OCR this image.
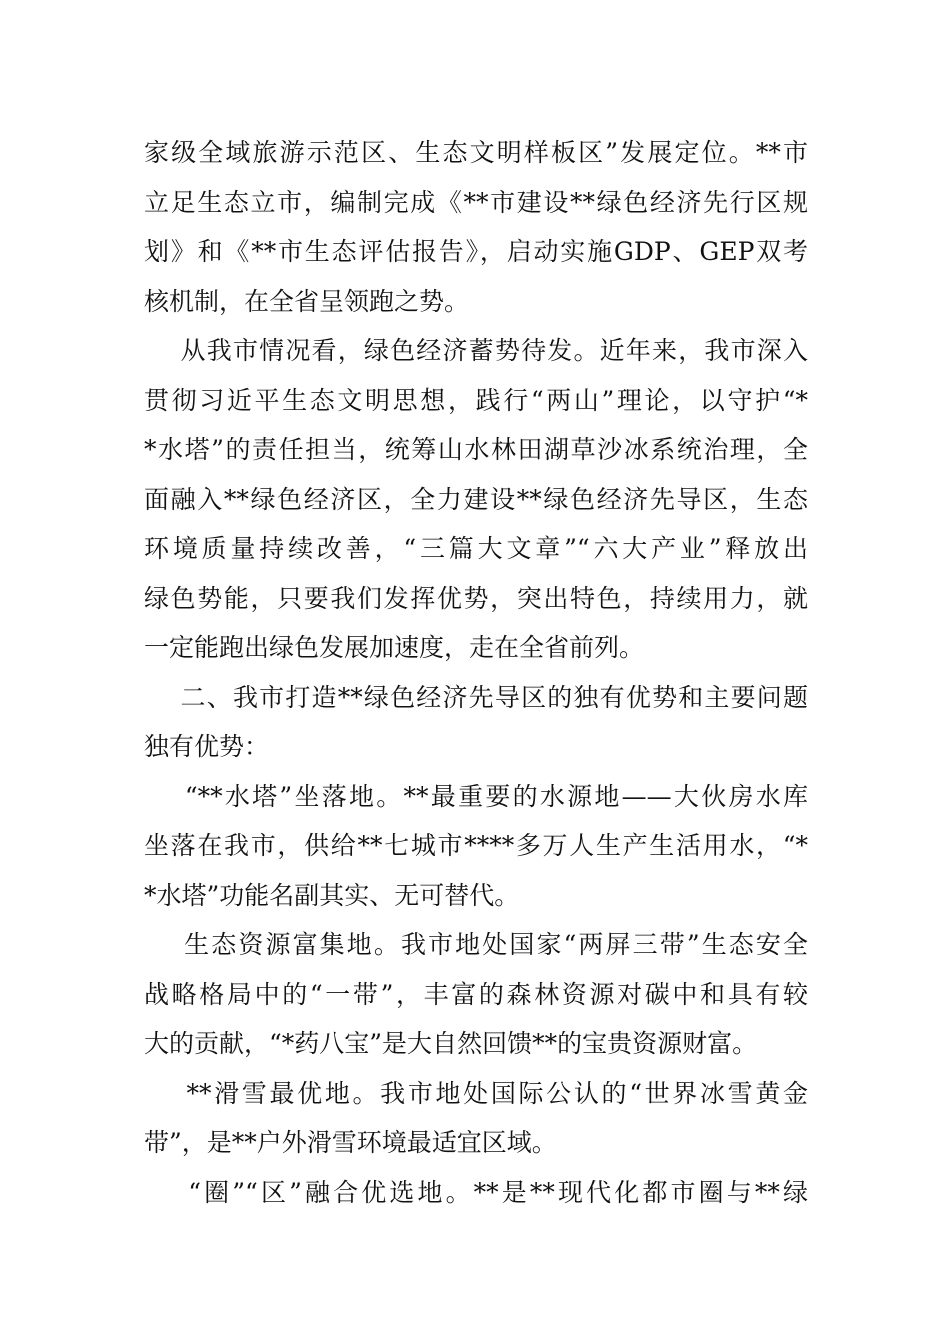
家级全域旅游示范区、生态文明样板区”发展定位。**市
立足生态立市，编制完成《**市建设**绿色经济先行区规
划》和《**市生态评估报告》，启动实施GDP、GEP双考
核机制，在全省呈领跑之势。
从我市情况看，绿色经济蓄势待发。近年来，我市深入
贯彻习近平生态文明思想，践行“两山”理论，以守护“*
*水塔”的责任担当，统筹山水林田湖草沙冰系统治理，全
面融入**绿色经济区，全力建设**绿色经济先导区，生态
环境质量持续改善，“三篇大文章”“六大产业”释放出
绿色势能，只要我们发挥优势，突出特色，持续用力，就
一定能跑出绿色发展加速度，走在全省前列。
二、我市打造**绿色经济先导区的独有优势和主要问题
独有优势：
“**水塔”坐落地。**最重要的水源地——大伙房水库
坐落在我市，供给**七城市****多万人生产生活用水，“*
*水塔”功能名副其实、无可替代。
生态资源富集地。我市地处国家“两屏三带”生态安全
战略格局中的“一带”，丰富的森林资源对碳中和具有较
大的贡献，“*药八宝”是大自然回馈**的宝贵资源财富。
**滑雪最优地。我市地处国际公认的“世界冰雪黄金
带”，是**户外滑雪环境最适宜区域。
“圈”“区”融合优选地。**是**现代化都市圈与**绿
